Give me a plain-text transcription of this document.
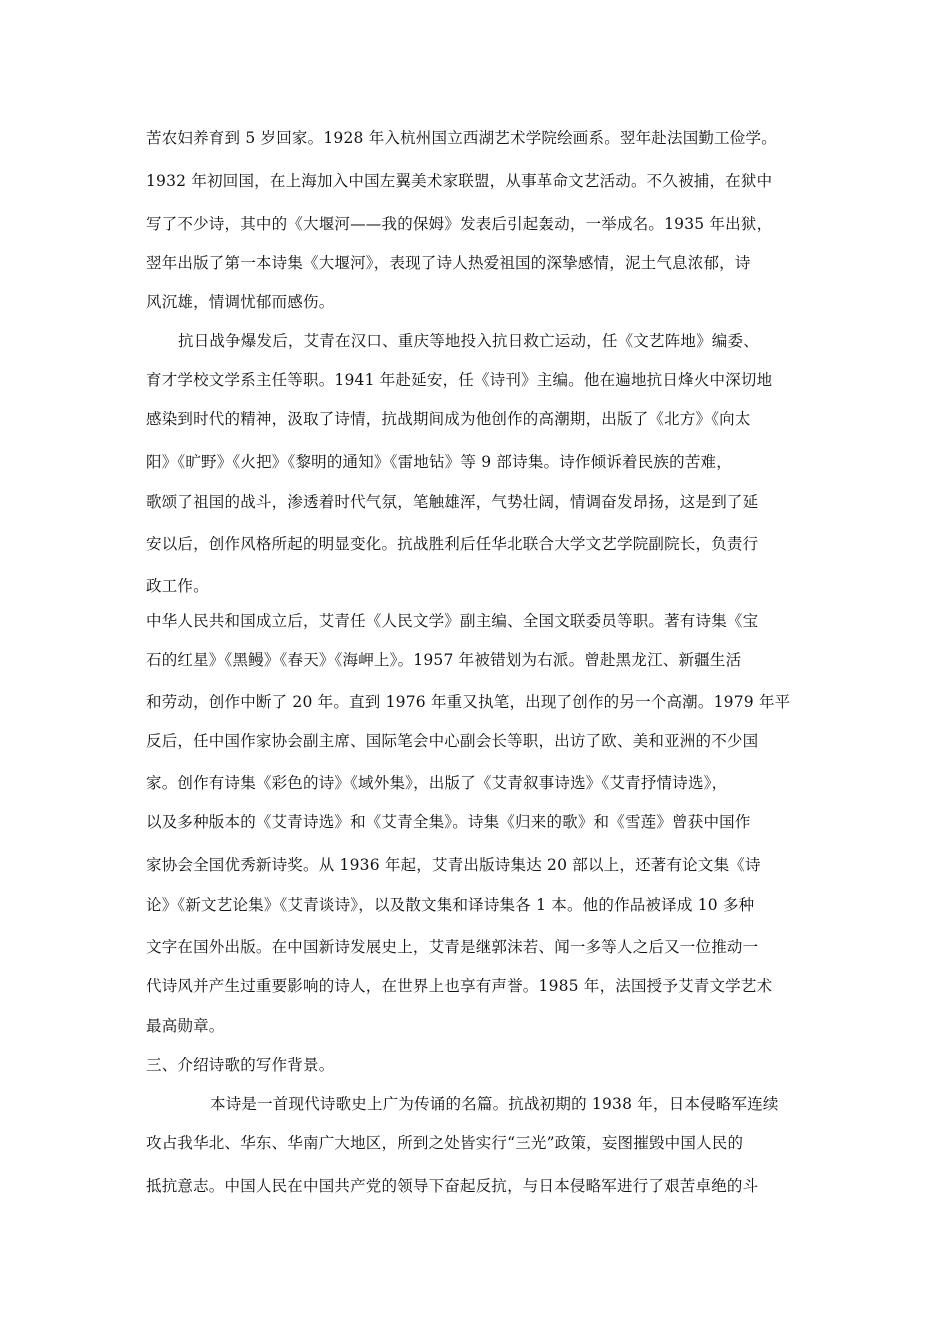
苦农妇养育到 5 岁回家。1928 年入杭州国立西湖艺术学院绘画系。翌年赴法国勤工俭学。
1932 年初回国，在上海加入中国左翼美术家联盟，从事革命文艺活动。不久被捕，在狱中
写了不少诗，其中的《大堰河——我的保姆》发表后引起轰动，一举成名。1935 年出狱，
翌年出版了第一本诗集《大堰河》，表现了诗人热爱祖国的深挚感情，泥土气息浓郁，诗
风沉雄，情调忧郁而感伤。
抗日战争爆发后，艾青在汉口、重庆等地投入抗日救亡运动，任《文艺阵地》编委、
育才学校文学系主任等职。1941 年赴延安，任《诗刊》主编。他在遍地抗日烽火中深切地
感染到时代的精神，汲取了诗情，抗战期间成为他创作的高潮期，出版了《北方》《向太
阳》《旷野》《火把》《黎明的通知》《雷地钻》等 9 部诗集。诗作倾诉着民族的苦难，
歌颂了祖国的战斗，渗透着时代气氛，笔触雄浑，气势壮阔，情调奋发昂扬，这是到了延
安以后，创作风格所起的明显变化。抗战胜利后任华北联合大学文艺学院副院长，负责行
政工作。
中华人民共和国成立后，艾青任《人民文学》副主编、全国文联委员等职。著有诗集《宝
石的红星》《黑鳗》《春天》《海岬上》。1957 年被错划为右派。曾赴黑龙江、新疆生活
和劳动，创作中断了 20 年。直到 1976 年重又执笔，出现了创作的另一个高潮。1979 年平
反后，任中国作家协会副主席、国际笔会中心副会长等职，出访了欧、美和亚洲的不少国
家。创作有诗集《彩色的诗》《域外集》，出版了《艾青叙事诗选》《艾青抒情诗选》，
以及多种版本的《艾青诗选》和《艾青全集》。诗集《归来的歌》和《雪莲》曾获中国作
家协会全国优秀新诗奖。从 1936 年起，艾青出版诗集达 20 部以上，还著有论文集《诗
论》《新文艺论集》《艾青谈诗》，以及散文集和译诗集各 1 本。他的作品被译成 10 多种
文字在国外出版。在中国新诗发展史上，艾青是继郭沫若、闻一多等人之后又一位推动一
代诗风并产生过重要影响的诗人，在世界上也享有声誉。1985 年，法国授予艾青文学艺术
最高勋章。
三、介绍诗歌的写作背景。
本诗是一首现代诗歌史上广为传诵的名篇。抗战初期的 1938 年，日本侵略军连续
攻占我华北、华东、华南广大地区，所到之处皆实行“三光”政策，妄图摧毁中国人民的
抵抗意志。中国人民在中国共产党的领导下奋起反抗，与日本侵略军进行了艰苦卓绝的斗
